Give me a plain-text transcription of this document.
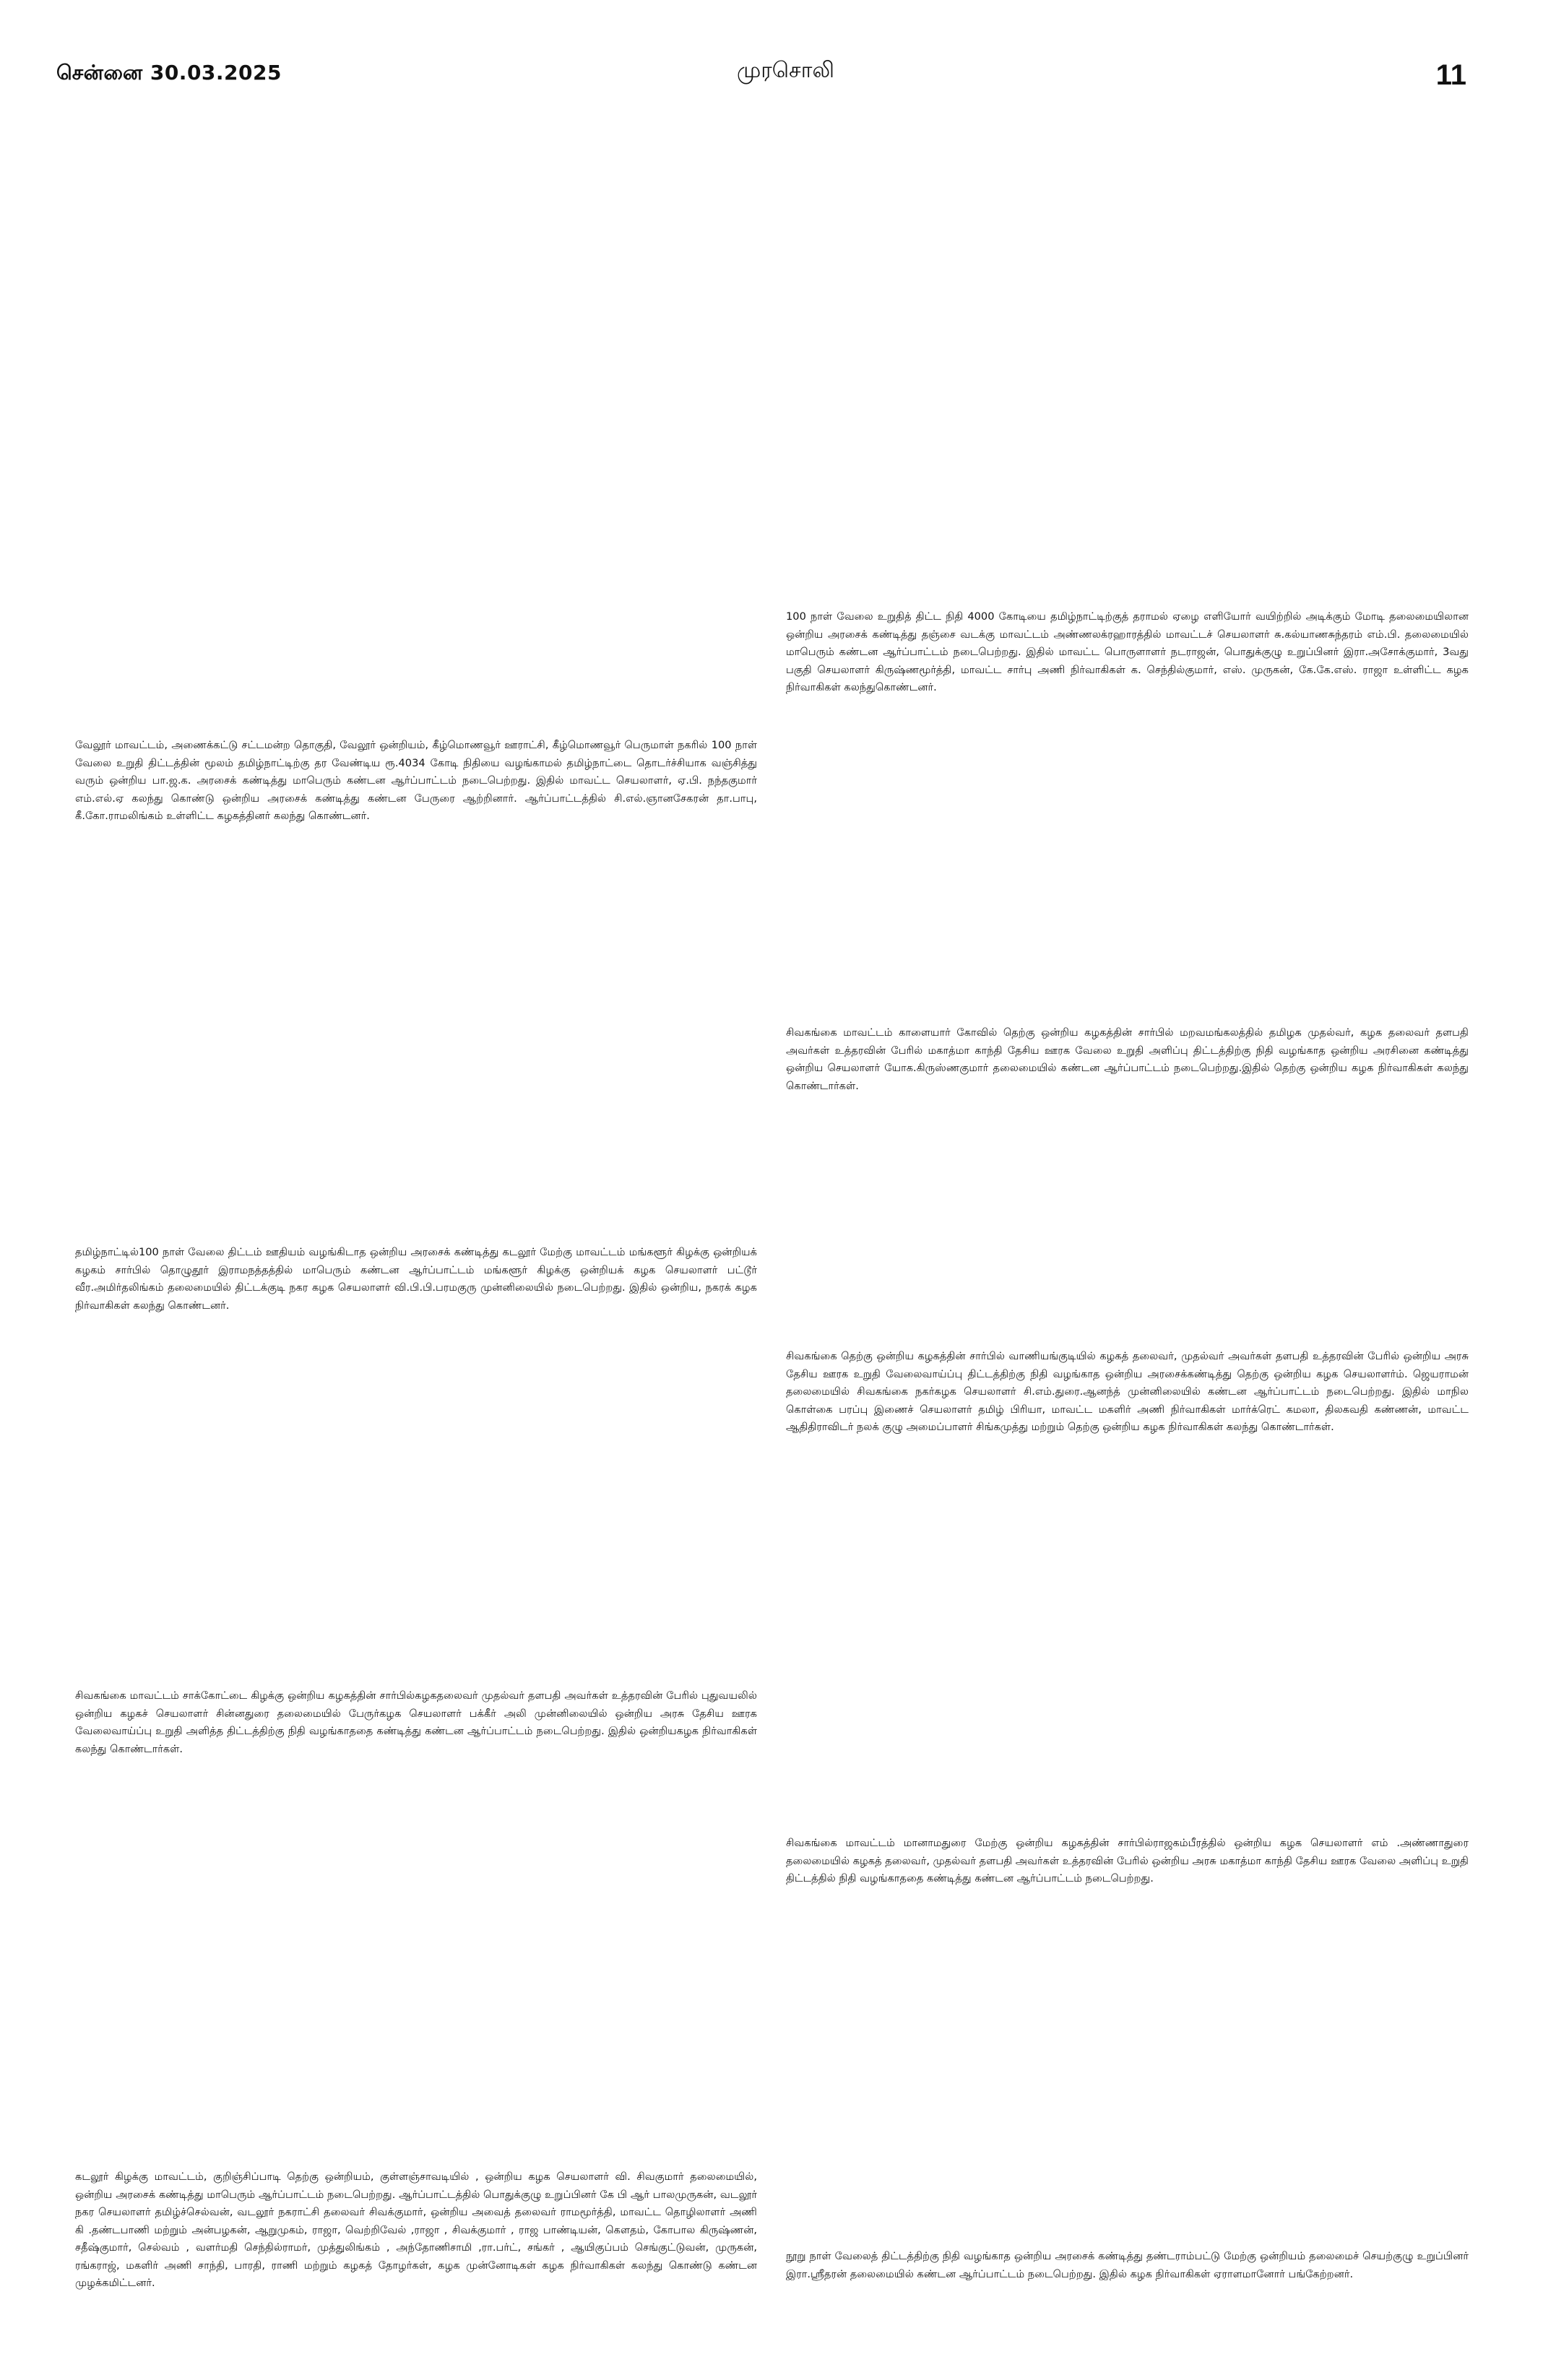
சென்னை 30.03.2025	முரசொலி	11

100 நாள் வேலை உறுதித் திட்ட நிதி 4000 கோடியை தமிழ்நாட்டிற்குத் தராமல் ஏழை எளியோர் வயிற்றில் அடிக்கும் மோடி தலைமையிலான ஒன்றிய அரசைக் கண்டித்து தஞ்சை வடக்கு மாவட்டம் அண்ணலக்ரஹாரத்தில் மாவட்டச் செயலாளர் சு.கல்யாணசுந்தரம் எம்.பி. தலைமையில் மாபெரும் கண்டன ஆர்ப்பாட்டம் நடைபெற்றது. இதில் மாவட்ட பொருளாளர் நடராஜன், பொதுக்குழு உறுப்பினர் இரா.அசோக்குமார், 3வது பகுதி செயலாளர் கிருஷ்ணமூர்த்தி, மாவட்ட சார்பு அணி நிர்வாகிகள் க. செந்தில்குமார், எஸ். முருகன், கே.கே.எஸ். ராஜா உள்ளிட்ட கழக நிர்வாகிகள் கலந்துகொண்டனர்.

வேலூர் மாவட்டம், அணைக்கட்டு சட்டமன்ற தொகுதி, வேலூர் ஒன்றியம், கீழ்மொணவூர் ஊராட்சி, கீழ்மொணவூர் பெருமாள் நகரில் 100 நாள் வேலை உறுதி திட்டத்தின் மூலம் தமிழ்நாட்டிற்கு தர வேண்டிய ரூ.4034 கோடி நிதியை வழங்காமல் தமிழ்நாட்டை தொடர்ச்சியாக வஞ்சித்து வரும் ஒன்றிய பா.ஜ.க. அரசைக் கண்டித்து மாபெரும் கண்டன ஆர்ப்பாட்டம் நடைபெற்றது. இதில் மாவட்ட செயலாளர், ஏ.பி. நந்தகுமார் எம்.எல்.ஏ கலந்து கொண்டு ஒன்றிய அரசைக் கண்டித்து கண்டன பேருரை ஆற்றினார். ஆர்ப்பாட்டத்தில் சி.எல்.ஞானசேகரன் தா.பாபு, கீ.கோ.ராமலிங்கம் உள்ளிட்ட கழகத்தினர் கலந்து கொண்டனர்.

சிவகங்கை மாவட்டம் காளையார் கோவில் தெற்கு ஒன்றிய கழகத்தின் சார்பில் மறவமங்கலத்தில் தமிழக முதல்வர், கழக தலைவர் தளபதி அவர்கள் உத்தரவின் பேரில் மகாத்மா காந்தி தேசிய ஊரக வேலை உறுதி அளிப்பு திட்டத்திற்கு நிதி வழங்காத ஒன்றிய அரசினை கண்டித்து ஒன்றிய செயலாளர் யோக.கிருஸ்ணகுமார் தலைமையில் கண்டன ஆர்ப்பாட்டம் நடைபெற்றது.இதில் தெற்கு ஒன்றிய கழக நிர்வாகிகள் கலந்து கொண்டார்கள்.

தமிழ்நாட்டில்100 நாள் வேலை திட்டம் ஊதியம் வழங்கிடாத ஒன்றிய அரசைக் கண்டித்து கடலூர் மேற்கு மாவட்டம் மங்களூர் கிழக்கு ஒன்றியக் கழகம் சார்பில் தொழுதூர் இராமநத்தத்தில் மாபெரும் கண்டன ஆர்ப்பாட்டம் மங்களூர் கிழக்கு ஒன்றியக் கழக செயலாளர் பட்டூர் வீர.அமிர்தலிங்கம் தலைமையில் திட்டக்குடி நகர கழக செயலாளர் வி.பி.பி.பரமகுரு முன்னிலையில் நடைபெற்றது. இதில் ஒன்றிய, நகரக் கழக நிர்வாகிகள் கலந்து கொண்டனர்.

சிவகங்கை தெற்கு ஒன்றிய கழகத்தின் சார்பில் வாணியங்குடியில் கழகத் தலைவர், முதல்வர் அவர்கள் தளபதி உத்தரவின் பேரில் ஒன்றிய அரசு தேசிய ஊரக உறுதி வேலைவாய்ப்பு திட்டத்திற்கு நிதி வழங்காத ஒன்றிய அரசைக்கண்டித்து தெற்கு ஒன்றிய கழக செயலாளர்ம். ஜெயராமன் தலைமையில் சிவகங்கை நகர்கழக செயலாளர் சி.எம்.துரை.ஆனந்த் முன்னிலையில் கண்டன ஆர்ப்பாட்டம் நடைபெற்றது. இதில் மாநில கொள்கை பரப்பு இணைச் செயலாளர் தமிழ் பிரியா, மாவட்ட மகளிர் அணி நிர்வாகிகள் மார்க்ரெட் கமலா, திலகவதி கண்ணன், மாவட்ட ஆதிதிராவிடர் நலக் குழு அமைப்பாளர் சிங்கமுத்து மற்றும் தெற்கு ஒன்றிய கழக நிர்வாகிகள் கலந்து கொண்டார்கள்.

சிவகங்கை மாவட்டம் சாக்கோட்டை கிழக்கு ஒன்றிய கழகத்தின் சார்பில்கழகதலைவர் முதல்வர் தளபதி அவர்கள் உத்தரவின் பேரில் புதுவயலில் ஒன்றிய கழகச் செயலாளர் சின்னதுரை தலைமையில் பேருர்கழக செயலாளர் பக்கீர் அலி முன்னிலையில் ஒன்றிய அரசு தேசிய ஊரக வேலைவாய்ப்பு உறுதி அளித்த திட்டத்திற்கு நிதி வழங்காததை கண்டித்து கண்டன ஆர்ப்பாட்டம் நடைபெற்றது. இதில் ஒன்றியகழக நிர்வாகிகள் கலந்து கொண்டார்கள்.

சிவகங்கை மாவட்டம் மானாமதுரை மேற்கு ஒன்றிய கழகத்தின் சார்பில்ராஜகம்பீரத்தில் ஒன்றிய கழக செயலாளர் எம் .அண்ணாதுரை தலைமையில் கழகத் தலைவர், முதல்வர் தளபதி அவர்கள் உத்தரவின் பேரில் ஒன்றிய அரசு மகாத்மா காந்தி தேசிய ஊரக வேலை அளிப்பு உறுதி திட்டத்தில் நிதி வழங்காததை கண்டித்து கண்டன ஆர்ப்பாட்டம் நடைபெற்றது.

கடலூர் கிழக்கு மாவட்டம், குறிஞ்சிப்பாடி தெற்கு ஒன்றியம், குள்ளஞ்சாவடியில் , ஒன்றிய கழக செயலாளர் வி. சிவகுமார் தலைமையில், ஒன்றிய அரசைக் கண்டித்து மாபெரும் ஆர்ப்பாட்டம் நடைபெற்றது. ஆர்ப்பாட்டத்தில் பொதுக்குழு உறுப்பினர் கே பி ஆர் பாலமுருகன், வடலூர் நகர செயலாளர் தமிழ்ச்செல்வன், வடலூர் நகராட்சி தலைவர் சிவக்குமார், ஒன்றிய அவைத் தலைவர் ராமமூர்த்தி, மாவட்ட தொழிலாளர் அணி கி .தண்டபாணி மற்றும் அன்பழகன், ஆறுமுகம், ராஜா, வெற்றிவேல் ,ராஜா , சிவக்குமார் , ராஜ பாண்டியன், கௌதம், கோபால கிருஷ்ணன், சதீஷ்குமார், செல்வம் , வளர்மதி செந்தில்ராமர், முத்துலிங்கம் , அந்தோணிசாமி ,ரா.பர்ட், சங்கர் , ஆயிகுப்பம் செங்குட்டுவன், முருகன், ரங்கராஜ், மகளிர் அணி சாந்தி, பாரதி, ராணி மற்றும் கழகத் தோழர்கள், கழக முன்னோடிகள் கழக நிர்வாகிகள் கலந்து கொண்டு கண்டன முழக்கமிட்டனர்.

நூறு நாள் வேலைத் திட்டத்திற்கு நிதி வழங்காத ஒன்றிய அரசைக் கண்டித்து தண்டராம்பட்டு மேற்கு ஒன்றியம் தலைமைச் செயற்குழு உறுப்பினர் இரா.ஸ்ரீதரன் தலைமையில் கண்டன ஆர்ப்பாட்டம் நடைபெற்றது. இதில் கழக நிர்வாகிகள் ஏராளமானோர் பங்கேற்றனர்.
